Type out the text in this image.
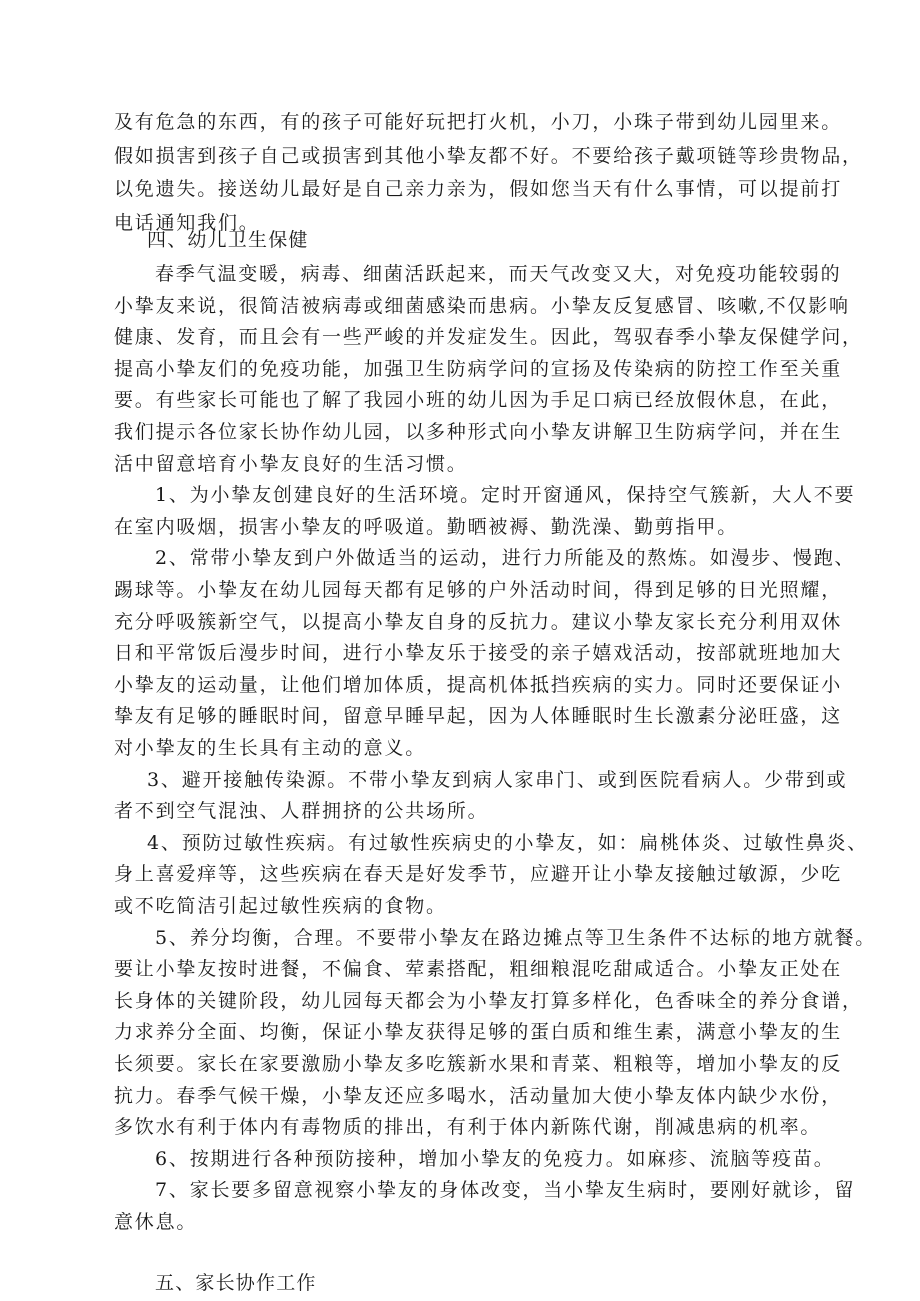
及有危急的东西，有的孩子可能好玩把打火机，小刀，小珠子带到幼儿园里来。
假如损害到孩子自己或损害到其他小挚友都不好。不要给孩子戴项链等珍贵物品，
以免遗失。接送幼儿最好是自己亲力亲为，假如您当天有什么事情，可以提前打
电话通知我们。
四、幼儿卫生保健
春季气温变暖，病毒、细菌活跃起来，而天气改变又大，对免疫功能较弱的
小挚友来说，很简洁被病毒或细菌感染而患病。小挚友反复感冒、咳嗽,不仅影响
健康、发育，而且会有一些严峻的并发症发生。因此，驾驭春季小挚友保健学问，
提高小挚友们的免疫功能，加强卫生防病学问的宣扬及传染病的防控工作至关重
要。有些家长可能也了解了我园小班的幼儿因为手足口病已经放假休息，在此，
我们提示各位家长协作幼儿园，以多种形式向小挚友讲解卫生防病学问，并在生
活中留意培育小挚友良好的生活习惯。
1、为小挚友创建良好的生活环境。定时开窗通风，保持空气簇新，大人不要
在室内吸烟，损害小挚友的呼吸道。勤晒被褥、勤洗澡、勤剪指甲。
2、常带小挚友到户外做适当的运动，进行力所能及的熬炼。如漫步、慢跑、
踢球等。小挚友在幼儿园每天都有足够的户外活动时间，得到足够的日光照耀，
充分呼吸簇新空气，以提高小挚友自身的反抗力。建议小挚友家长充分利用双休
日和平常饭后漫步时间，进行小挚友乐于接受的亲子嬉戏活动，按部就班地加大
小挚友的运动量，让他们增加体质，提高机体抵挡疾病的实力。同时还要保证小
挚友有足够的睡眠时间，留意早睡早起，因为人体睡眠时生长激素分泌旺盛，这
对小挚友的生长具有主动的意义。
3、避开接触传染源。不带小挚友到病人家串门、或到医院看病人。少带到或
者不到空气混浊、人群拥挤的公共场所。
4、预防过敏性疾病。有过敏性疾病史的小挚友，如：扁桃体炎、过敏性鼻炎、
身上喜爱痒等，这些疾病在春天是好发季节，应避开让小挚友接触过敏源，少吃
或不吃简洁引起过敏性疾病的食物。
5、养分均衡，合理。不要带小挚友在路边摊点等卫生条件不达标的地方就餐。
要让小挚友按时进餐，不偏食、荤素搭配，粗细粮混吃甜咸适合。小挚友正处在
长身体的关键阶段，幼儿园每天都会为小挚友打算多样化，色香味全的养分食谱，
力求养分全面、均衡，保证小挚友获得足够的蛋白质和维生素，满意小挚友的生
长须要。家长在家要激励小挚友多吃簇新水果和青菜、粗粮等，增加小挚友的反
抗力。春季气候干燥，小挚友还应多喝水，活动量加大使小挚友体内缺少水份，
多饮水有利于体内有毒物质的排出，有利于体内新陈代谢，削减患病的机率。
6、按期进行各种预防接种，增加小挚友的免疫力。如麻疹、流脑等疫苗。
7、家长要多留意视察小挚友的身体改变，当小挚友生病时，要刚好就诊，留
意休息。
五、家长协作工作
